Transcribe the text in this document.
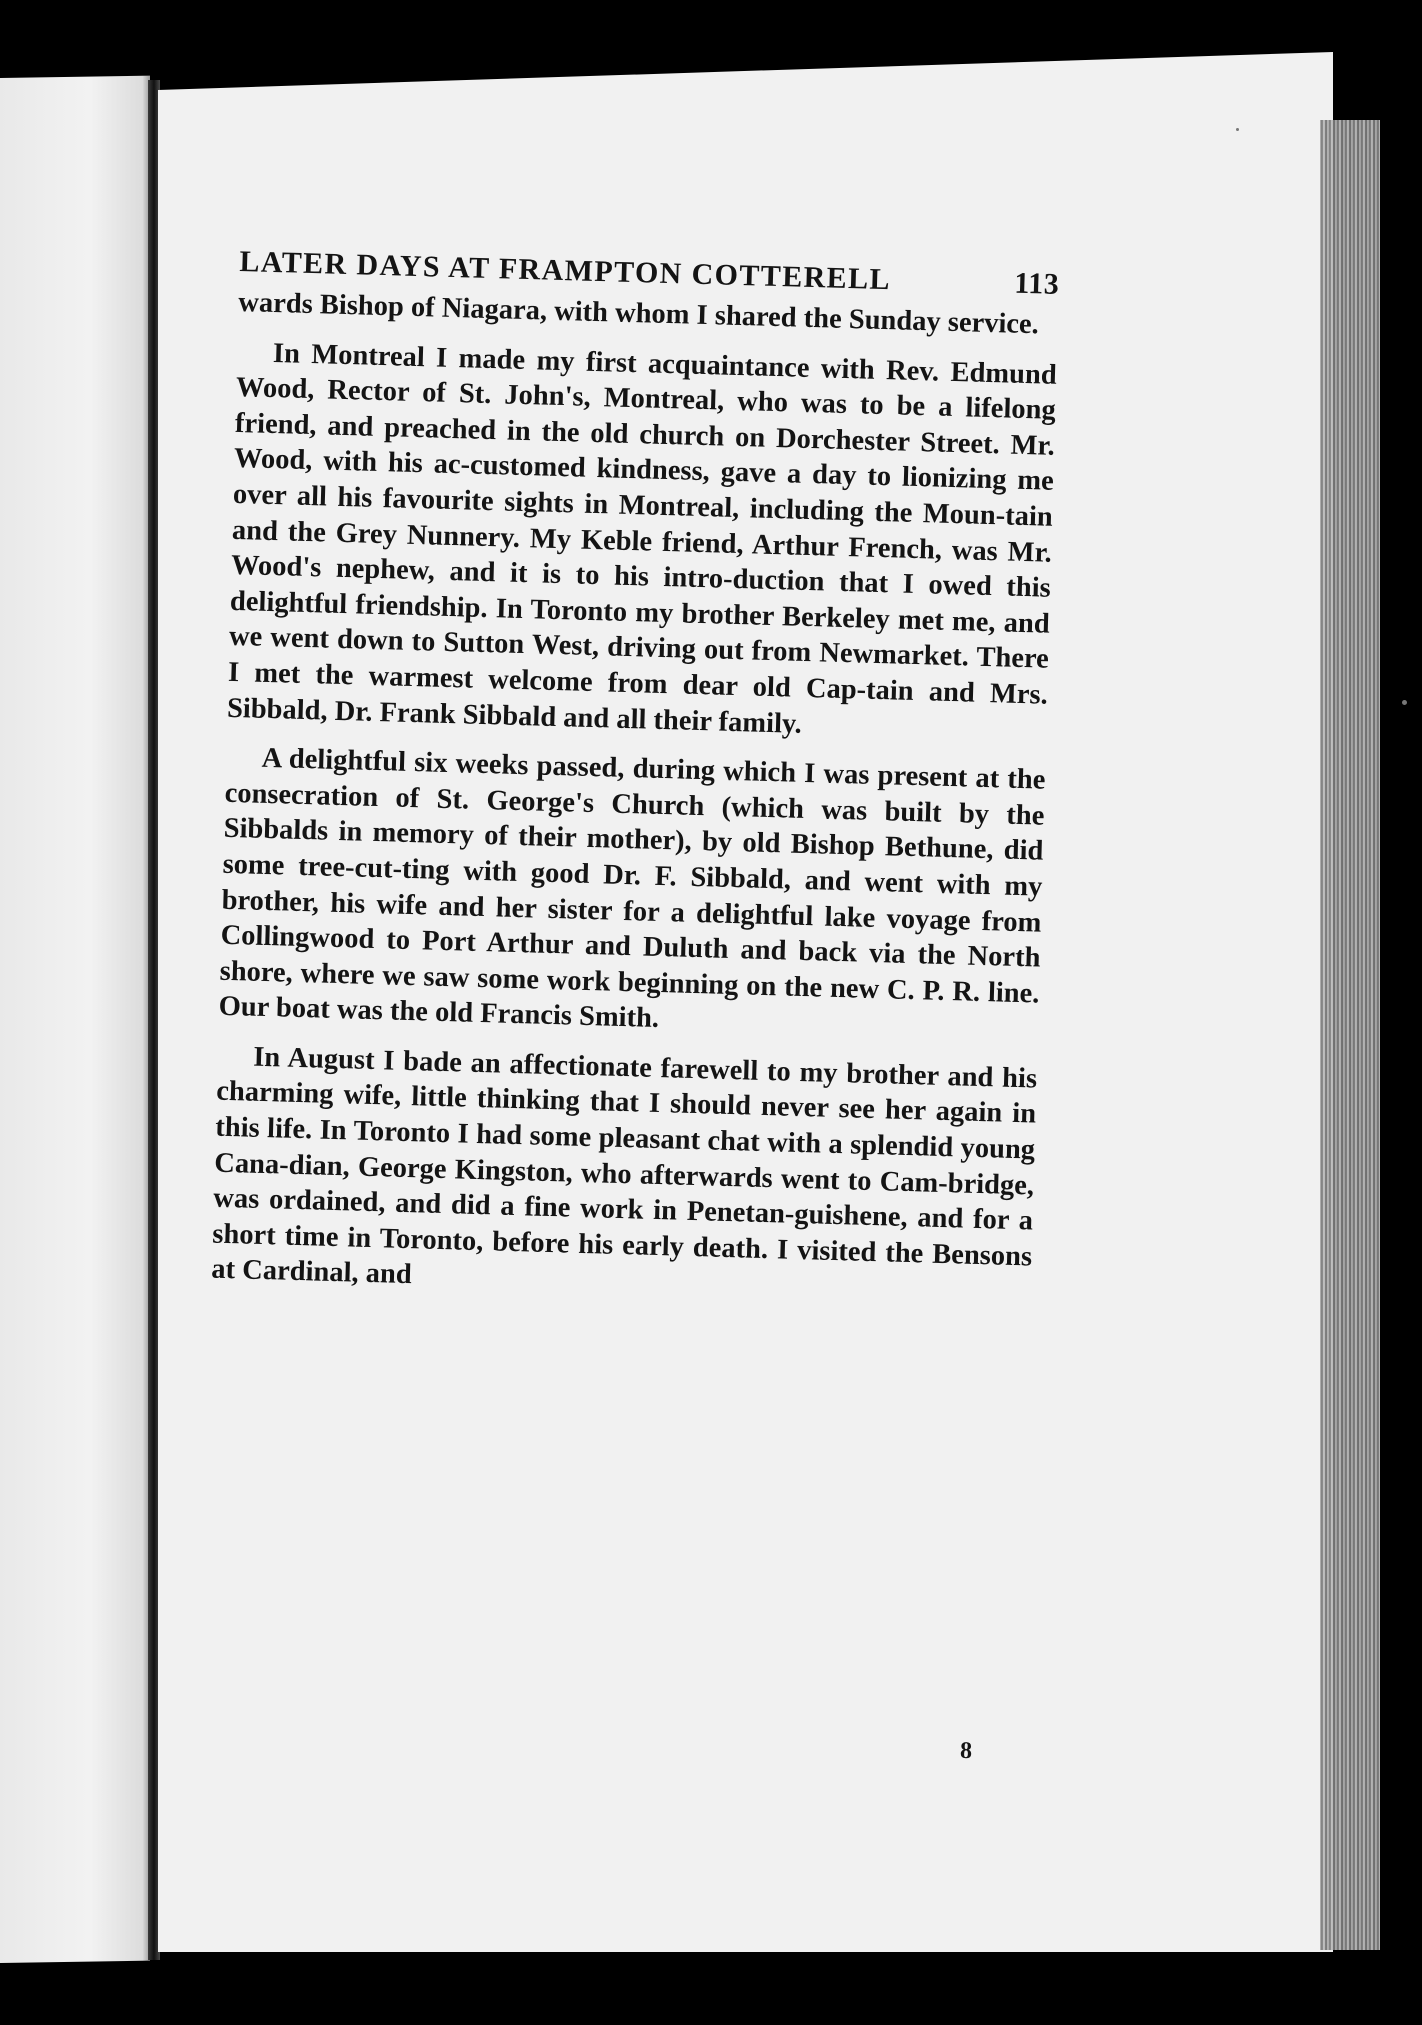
LATER DAYS AT FRAMPTON COTTERELL	113

wards Bishop of Niagara, with whom I shared the Sunday service.

In Montreal I made my first acquaintance with Rev. Edmund Wood, Rector of St. John's, Montreal, who was to be a lifelong friend, and preached in the old church on Dorchester Street. Mr. Wood, with his ac-customed kindness, gave a day to lionizing me over all his favourite sights in Montreal, including the Moun-tain and the Grey Nunnery. My Keble friend, Arthur French, was Mr. Wood's nephew, and it is to his intro-duction that I owed this delightful friendship. In Toronto my brother Berkeley met me, and we went down to Sutton West, driving out from Newmarket. There I met the warmest welcome from dear old Cap-tain and Mrs. Sibbald, Dr. Frank Sibbald and all their family.

A delightful six weeks passed, during which I was present at the consecration of St. George's Church (which was built by the Sibbalds in memory of their mother), by old Bishop Bethune, did some tree-cut-ting with good Dr. F. Sibbald, and went with my brother, his wife and her sister for a delightful lake voyage from Collingwood to Port Arthur and Duluth and back via the North shore, where we saw some work beginning on the new C. P. R. line. Our boat was the old Francis Smith.

In August I bade an affectionate farewell to my brother and his charming wife, little thinking that I should never see her again in this life. In Toronto I had some pleasant chat with a splendid young Cana-dian, George Kingston, who afterwards went to Cam-bridge, was ordained, and did a fine work in Penetan-guishene, and for a short time in Toronto, before his early death. I visited the Bensons at Cardinal, and

8
